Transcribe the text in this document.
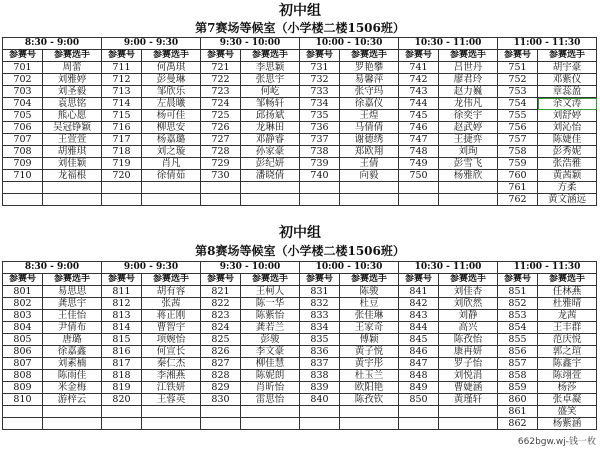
初中组
第7赛场等候室（小学楼二楼1506班）
8:30 - 9:00		9:00 - 9:30		9:30 - 10:00		10:00 - 10:30		10:30 - 11:00		11:00 - 11:30	
参赛号	参赛选手	参赛号	参赛选手	参赛号	参赛选手	参赛号	参赛选手	参赛号	参赛选手	参赛号	参赛选手
701	周蕾	711	何禹琪	721	李思颖	731	罗艳攀	741	吕世丹	751	胡宇豪
702	刘雅婷	712	彭曼琳	722	张思宇	732	易馨萍	742	廖君玲	752	邓紫仪
703	刘圣毅	713	邹欣乐	723	何屹	733	张守玛	743	赵力巍	753	章蕊盈
704	袁思铭	714	左晨曦	724	邹畅轩	734	徐嘉仪	744	龙伟凡	754	余文涛
705	熊心愿	715	杨可佳	725	邱扬斌	735	王煌	745	徐奕宇	755	刘舒婷
706	吴冠铮颖	716	柳思安	726	龙琳田	736	马倩倩	746	赵武婷	756	刘沁怡
707	王萱萱	717	杨嘉璐	727	邓静睿	737	谢德绣	747	王捷弈	757	陈婕佳
708	胡雅琪	718	刘之璇	728	孙家豪	738	郑欧翔	748	刘珣	758	彭秀妮
709	刘佳颖	719	肖凡	729	彭纪妍	739	王倩	749	彭雪飞	759	张浩雅
710	龙福根	720	徐倩茹	730	潘晓倩	740	向毅	750	杨雅欣	760	黄茜颖
										761	方柔
										762	黄文涵远
初中组
第8赛场等候室（小学楼二楼1506班）
8:30 - 9:00		9:00 - 9:30		9:30 - 10:00		10:00 - 10:30		10:30 - 11:00		11:00 - 11:30	
参赛号	参赛选手	参赛号	参赛选手	参赛号	参赛选手	参赛号	参赛选手	参赛号	参赛选手	参赛号	参赛选手
801	易思思	811	胡有容	821	王柯人	831	陈骏	841	刘佳杏	851	任林燕
802	龚思宇	812	张茜	822	陈一华	832	杜豆	842	刘欣然	852	杜雅晴
803	王佳怡	813	蒋正刚	823	陈紫怡	833	张佳琳	843	刘静	853	龙茜
804	尹倩布	814	曹智宇	824	龚若兰	834	王家奇	844	高兴	854	王丰群
805	唐璐	815	项婉怡	825	彭骏	835	傅颖	845	陈孜怡	855	范庆悦
806	徐嘉鑫	816	何宣长	826	李文豪	836	黄子悦	846	康再妍	856	郭之瑄
807	刘素楠	817	秦仁杰	827	柳佳慧	837	黄宇彤	847	罗子怡	857	陈鑫宇
808	陈雨佳	818	李湘燕	828	陈妮朗	838	杜玉兰	848	刘悦涓	858	陈翊萱
809	米金梅	819	江铁妍	829	肖昕怡	839	欧阳艳	849	曹婕涵	859	杨莎
810	游梓云	820	王蓉英	830	雷思怡	840	陈孜钦	850	黄瑾轩	860	张卓凝
										861	盛笑
										862	杨紫涵
662bgw.wj-钱一枚
